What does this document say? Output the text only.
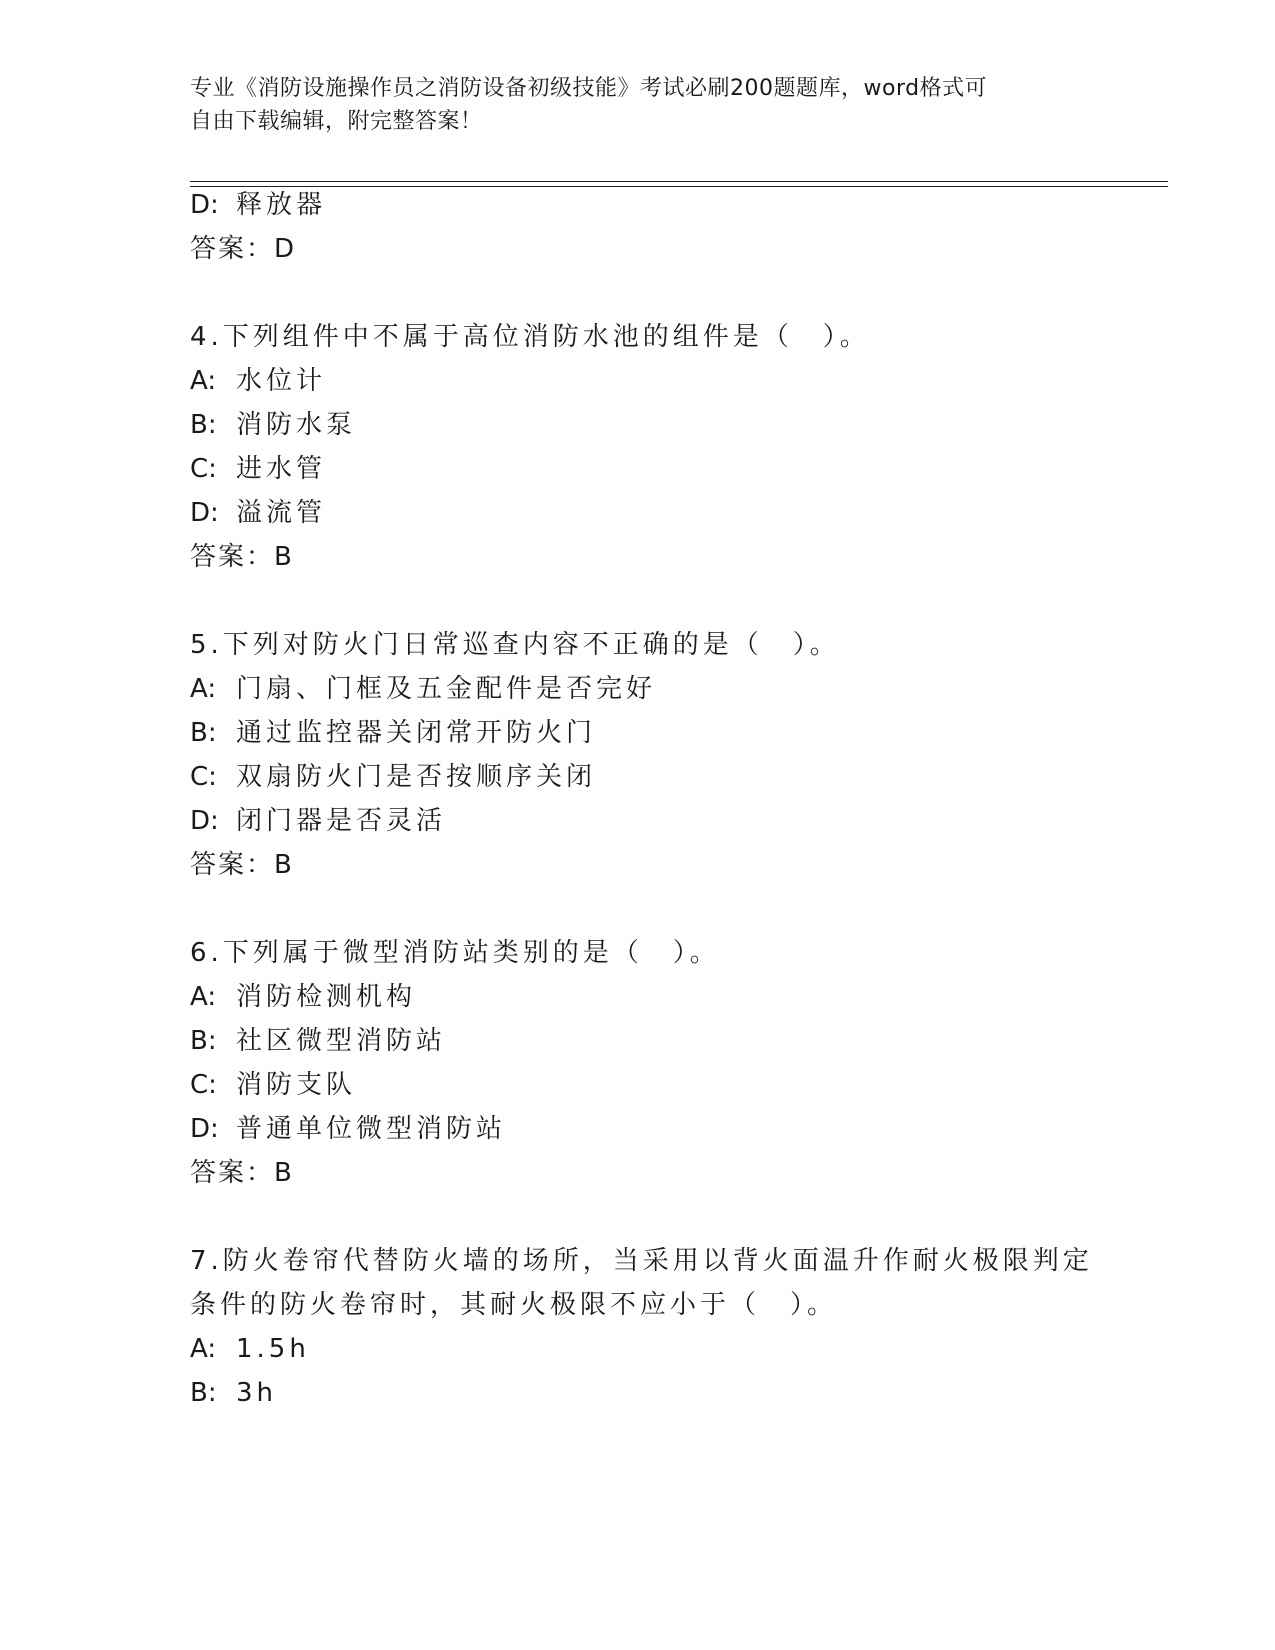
专业《消防设施操作员之消防设备初级技能》考试必刷200题题库，word格式可
自由下载编辑，附完整答案！
D: 释放器
答案：D
4.下列组件中不属于高位消防水池的组件是（　）。
A: 水位计
B: 消防水泵
C: 进水管
D: 溢流管
答案：B
5.下列对防火门日常巡查内容不正确的是（　）。
A: 门扇、门框及五金配件是否完好
B: 通过监控器关闭常开防火门
C: 双扇防火门是否按顺序关闭
D: 闭门器是否灵活
答案：B
6.下列属于微型消防站类别的是（　）。
A: 消防检测机构
B: 社区微型消防站
C: 消防支队
D: 普通单位微型消防站
答案：B
7.防火卷帘代替防火墙的场所，当采用以背火面温升作耐火极限判定
条件的防火卷帘时，其耐火极限不应小于（　）。
A: 1.5h
B: 3h
